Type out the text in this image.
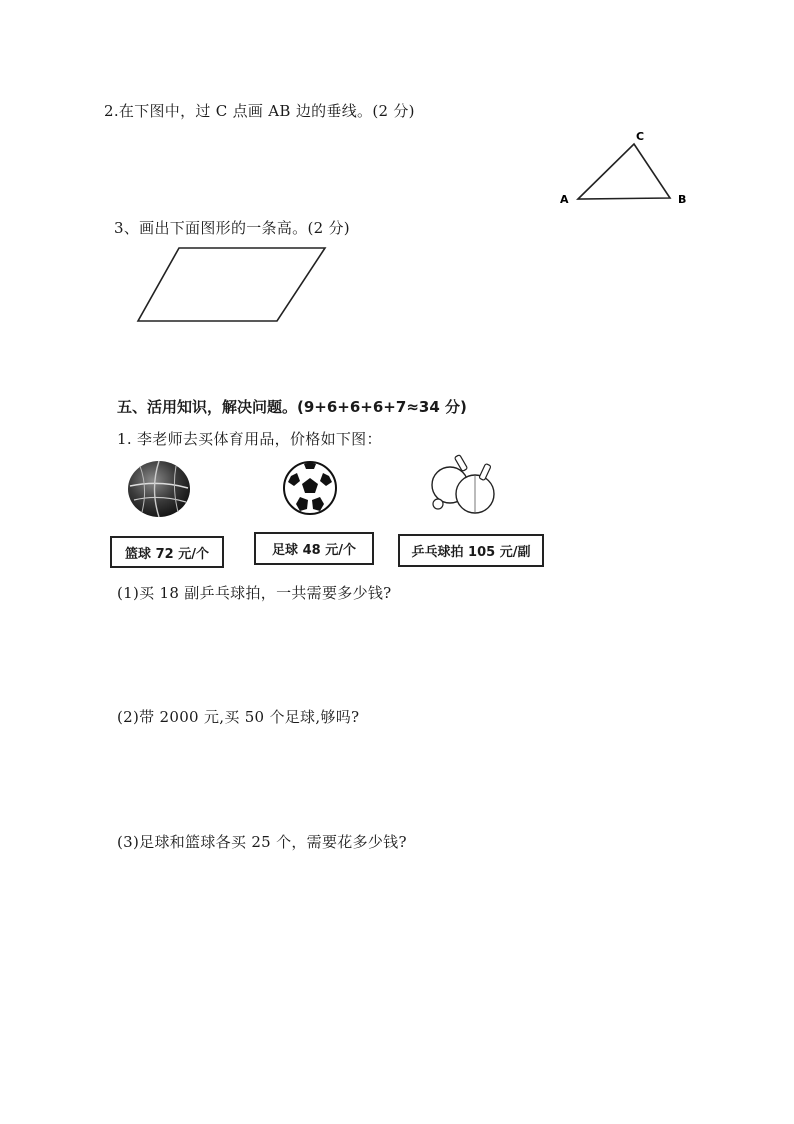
2.在下图中，过 C 点画 AB 边的垂线。(2 分)
A	B
C
3、画出下面图形的一条高。(2 分)
五、活用知识，解决问题。(9+6+6+6+7≈34 分)
1. 李老师去买体育用品，价格如下图：
篮球 72 元/个	足球 48 元/个	乒乓球拍 105 元/副
(1)买 18 副乒乓球拍，一共需要多少钱?
(2)带 2000 元,买 50 个足球,够吗?
(3)足球和篮球各买 25 个，需要花多少钱?
